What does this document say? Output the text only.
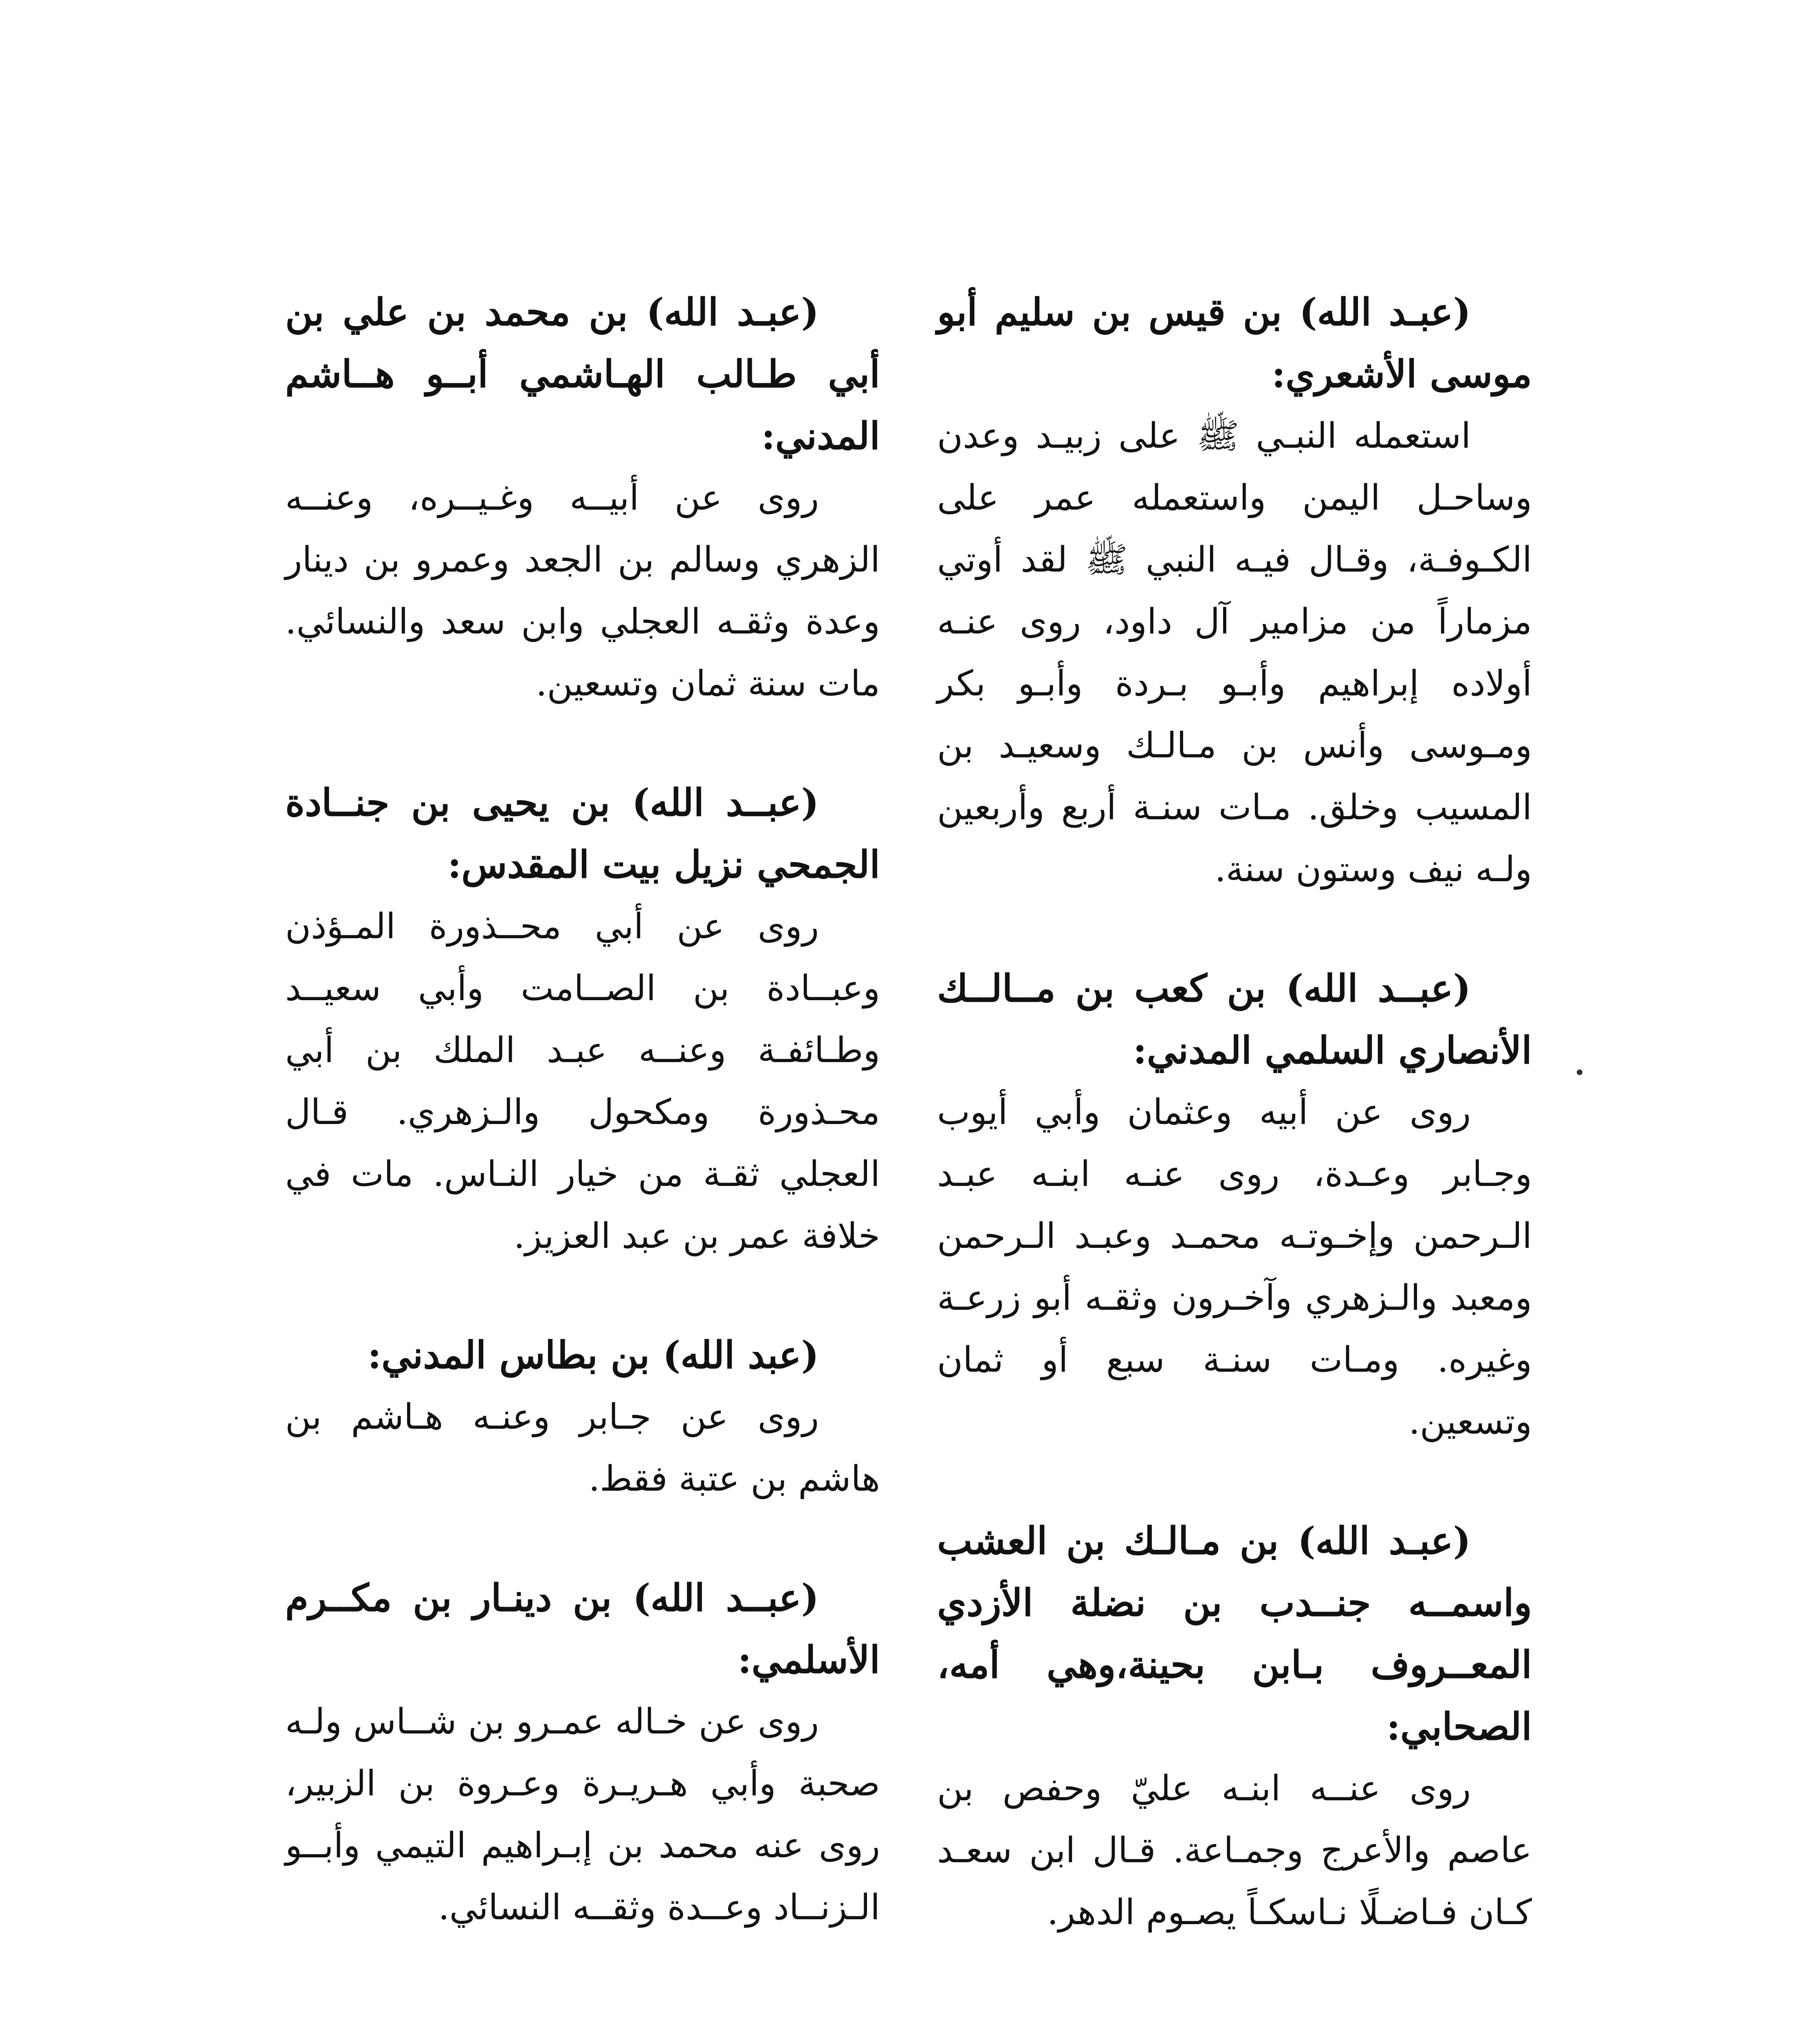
(عبـد الله) بن قيس بن سليم أبو موسى الأشعري:

استعمله النبـي ﷺ على زبيـد وعدن وساحـل اليمن واستعمله عمر على الكـوفـة، وقـال فيـه النبي ﷺ لقد أوتي مزماراً من مزامير آل داود، روى عنـه أولاده إبراهيم وأبـو بـردة وأبـو بكر ومـوسى وأنس بن مـالـك وسعيـد بن المسيب وخلق. مـات سنـة أربع وأربعين ولـه نيف وستون سنة.

(عبــد الله) بن كعب بن مــالــك الأنصاري السلمي المدني:

روى عن أبيه وعثمان وأبي أيوب وجـابر وعـدة، روى عنـه ابنـه عبـد الـرحمن وإخـوتـه محمـد وعبـد الـرحمن ومعبد والـزهري وآخـرون وثقـه أبو زرعـة وغيره. ومـات سنـة سبع أو ثمان وتسعين.

(عبـد الله) بن مـالـك بن العشب واسمــه جنــدب بن نضلة الأزدي المعــروف بـابن بحينة،وهي أمه، الصحابي:

روى عنــه ابنـه عليّ وحفص بن عاصم والأعرج وجمـاعة. قـال ابن سعـد كـان فـاضـلًا نـاسكـاً يصـوم الدهر.

(عبـد الله) بن محمد بن علي بن أبي طـالب الهـاشمي أبــو هــاشم المدني:

روى عن أبيــه وغـيــره، وعنــه الزهري وسالم بن الجعد وعمرو بن دينار وعدة وثقـه العجلي وابن سعد والنسائي. مات سنة ثمان وتسعين.

(عبــد الله) بن يحيى بن جنــادة الجمحي نزيل بيت المقدس:

روى عن أبي محــذورة المـؤذن وعبــادة بن الصــامت وأبي سعيــد وطـائفـة وعنــه عبـد الملك بن أبي محـذورة ومكحول والـزهري. قـال العجلي ثقـة من خيار النـاس. مات في خلافة عمر بن عبد العزيز.

(عبد الله) بن بطاس المدني:

روى عن جـابر وعنـه هـاشم بن هاشم بن عتبة فقط.

(عبــد الله) بن دينـار بن مكــرم الأسلمي:

روى عن خـاله عمـرو بن شــاس ولـه صحبة وأبي هـريـرة وعـروة بن الزبير، روى عنه محمد بن إبـراهيم التيمي وأبــو الـزنــاد وعــدة وثقــه النسائي.
